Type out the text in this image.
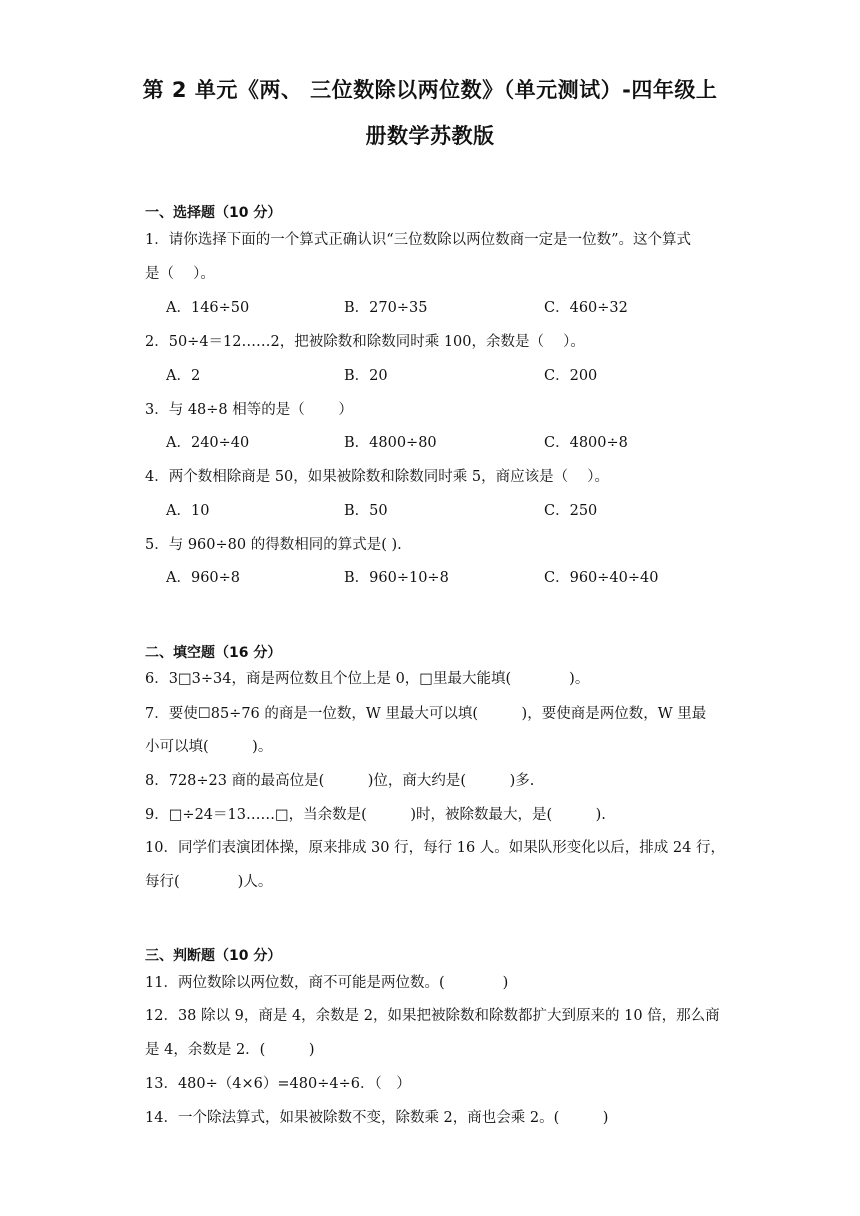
第 2 单元《两、 三位数除以两位数》（单元测试）-四年级上
册数学苏教版
一、选择题（10 分）
1．请你选择下面的一个算式正确认识“三位数除以两位数商一定是一位数”。这个算式
是（　 ）。
A．146÷50	B．270÷35	C．460÷32
2．50÷4＝12……2，把被除数和除数同时乘 100，余数是（　 ）。
A．2	B．20	C．200
3．与 48÷8 相等的是（　　 ）
A．240÷40	B．4800÷80	C．4800÷8
4．两个数相除商是 50，如果被除数和除数同时乘 5，商应该是（　 ）。
A．10	B．50	C．250
5．与 960÷80 的得数相同的算式是( ).
A．960÷8	B．960÷10÷8	C．960÷40÷40
二、填空题（16 分）
6．3□3÷34，商是两位数且个位上是 0，□里最大能填(　　　　)。
7．要使☐85÷76 的商是一位数，W 里最大可以填(　　　)，要使商是两位数，W 里最
小可以填(　　　)。
8．728÷23 商的最高位是(　　　)位，商大约是(　　　)多.
9．□÷24＝13……□，当余数是(　　　)时，被除数最大，是(　　　).
10．同学们表演团体操，原来排成 30 行，每行 16 人。如果队形变化以后，排成 24 行，
每行(　　　　)人。
三、判断题（10 分）
11．两位数除以两位数，商不可能是两位数。(　　　　)
12．38 除以 9，商是 4，余数是 2，如果把被除数和除数都扩大到原来的 10 倍，那么商
是 4，余数是 2．(　　　)
13．480÷（4×6）=480÷4÷6．（　）
14．一个除法算式，如果被除数不变，除数乘 2，商也会乘 2。(　　　)
